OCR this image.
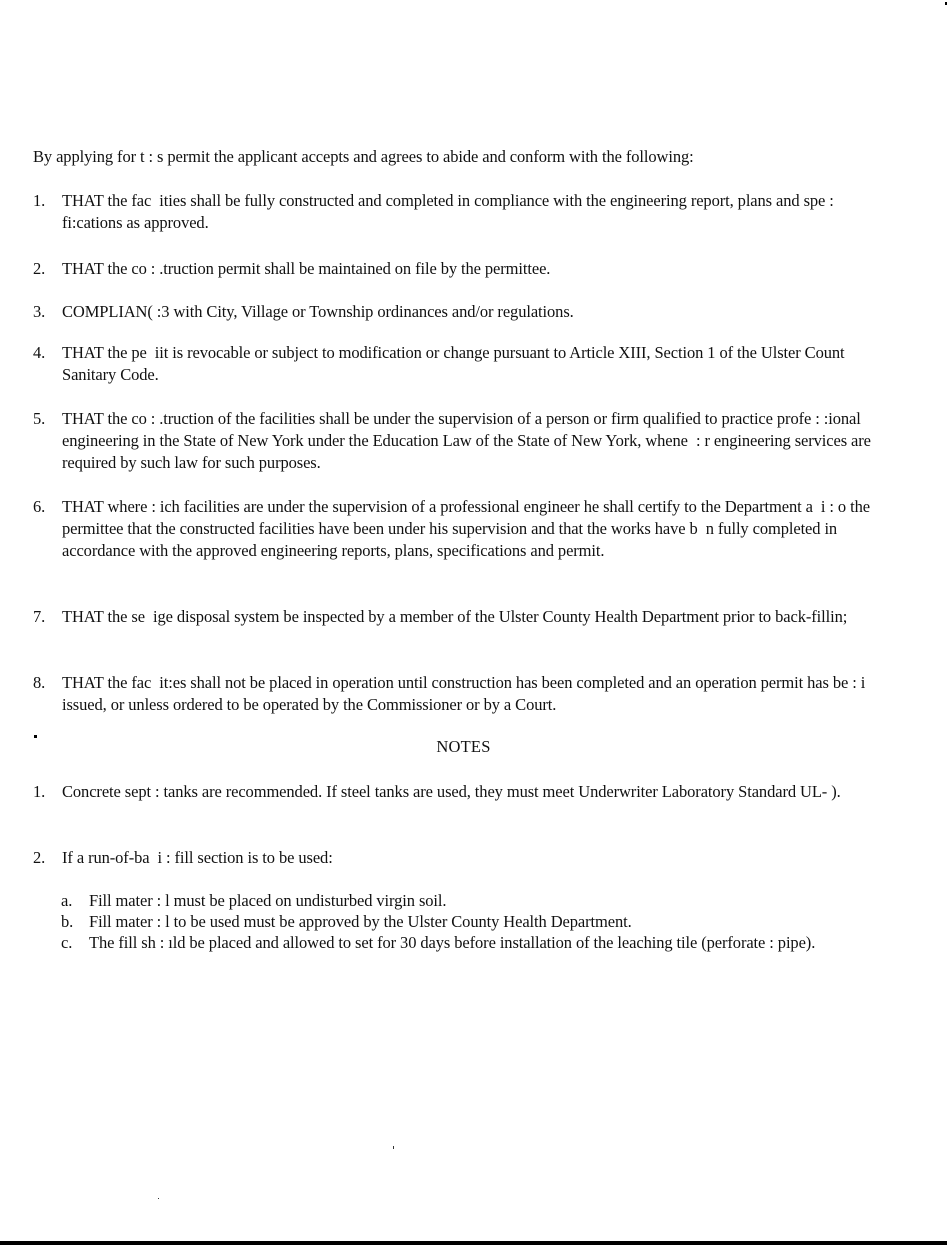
By applying for t : s permit the applicant accepts and agrees to abide and conform with the following:
1.	THAT the fac  ities shall be fully constructed and completed in compliance with the engineering report, plans and spe : fi:cations as approved.
2.	THAT the co : .truction permit shall be maintained on file by the permittee.
3.	COMPLIAN( :3 with City, Village or Township ordinances and/or regulations.
4.	THAT the pe  iit is revocable or subject to modification or change pursuant to Article XIII, Section 1 of the Ulster Count  Sanitary Code.
5.	THAT the co : .truction of the facilities shall be under the supervision of a person or firm qualified to practice profe : :ional engineering in the State of New York under the Education Law of the State of New York, whene  : r engineering services are required by such law for such purposes.
6.	THAT where : ich facilities are under the supervision of a professional engineer he shall certify to the Department a  i : o the permittee that the constructed facilities have been under his supervision and that the works have b  n fully completed in accordance with the approved engineering reports, plans, specifications and permit.
7.	THAT the se  ige disposal system be inspected by a member of the Ulster County Health Department prior to back-fillin;
8.	THAT the fac  it:es shall not be placed in operation until construction has been completed and an operation permit has be : i issued, or unless ordered to be operated by the Commissioner or by a Court.
NOTES
1.	Concrete sept : tanks are recommended. If steel tanks are used, they must meet Underwriter Laboratory Standard UL- ).
2.	If a run-of-ba  i : fill section is to be used:
a.	Fill mater : l must be placed on undisturbed virgin soil.
b. Fill mater : l to be used must be approved by the Ulster County Health Department.
c.	The fill sh : ıld be placed and allowed to set for 30 days before installation of the leaching tile (perforate : pipe).
